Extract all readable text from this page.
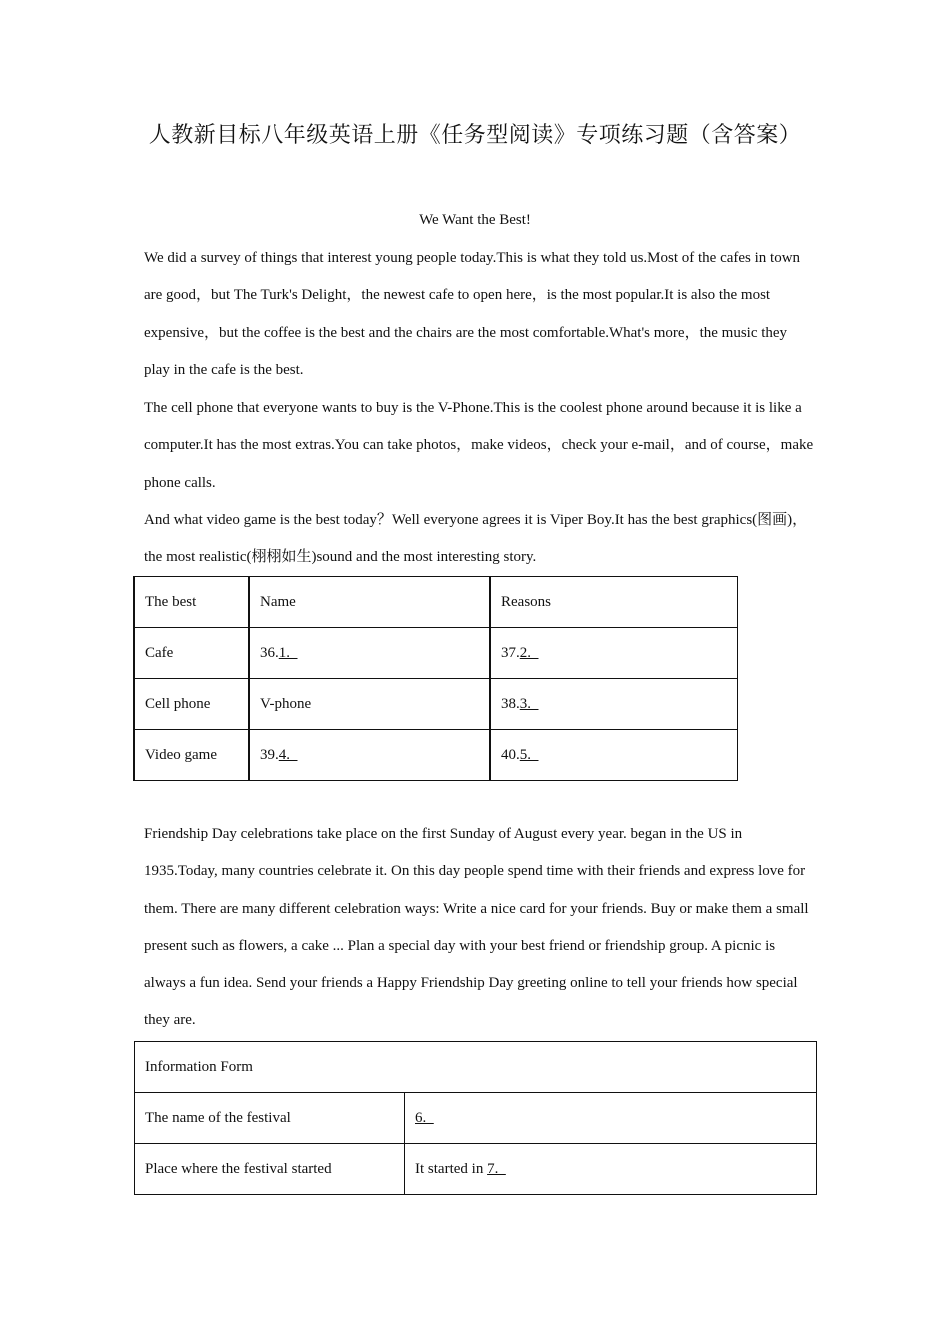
人教新目标八年级英语上册《任务型阅读》专项练习题（含答案）
We Want the Best!
We did a survey of things that interest young people today.This is what they told us.Most of the cafes in town are good，but The Turk's Delight，the newest cafe to open here，is the most popular.It is also the most expensive，but the coffee is the best and the chairs are the most comfortable.What's more，the music they play in the cafe is the best.
The cell phone that everyone wants to buy is the V-Phone.This is the coolest phone around because it is like a computer.It has the most extras.You can take photos，make videos，check your e-mail，and of course，make phone calls.
And what video game is the best today？Well everyone agrees it is Viper Boy.It has the best graphics(图画)，the most realistic(栩栩如生)sound and the most interesting story.
The best	Name	Reasons
Cafe	36.1.	37.2.
Cell phone	V-phone	38.3.
Video game	39.4.	40.5.
Friendship Day celebrations take place on the first Sunday of August every year. began in the US in 1935.Today, many countries celebrate it. On this day people spend time with their friends and express love for them. There are many different celebration ways: Write a nice card for your friends. Buy or make them a small present such as flowers, a cake ... Plan a special day with your best friend or friendship group. A picnic is always a fun idea. Send your friends a Happy Friendship Day greeting online to tell your friends how special they are.
Information Form	
The name of the festival	6.
Place where the festival started	It started in 7.
